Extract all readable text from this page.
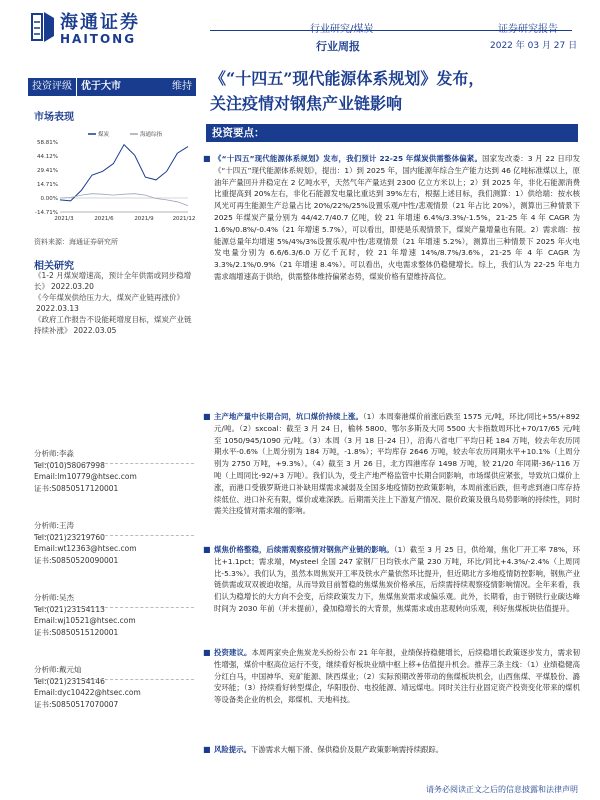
海通证券
HAITONG
行业周报	2022 年 03 月 27 日
投资评级 优于大市	维持
市场表现
58.81%
44.12%
29.41%
14.71%
0.00%
-14.71%
2021/3	2021/6	2021/9	2021/12
煤炭	海通综指
资料来源：海通证券研究所
相关研究
《1-2 月煤炭增速高，预计全年供需或同步稳增长》 2022.03.20
《今年煤炭供给压力大，煤炭产业链再涨价》2022.03.13
《政府工作报告不设能耗增度目标，煤炭产业链持续补涨》 2022.03.05
分析师:李淼
Tel:(010)58067998
Email:lm10779@htsec.com
证书:S0850517120001
分析师:王涛
Tel:(021)23219760
Email:wt12363@htsec.com
证书:S0850520090001
分析师:吴杰
Tel:(021)23154113
Email:wj10521@htsec.com
证书:S0850515120001
分析师:戴元灿
Tel:(021)23154146
Email:dyc10422@htsec.com
证书:S0850517070007
《“十四五”现代能源体系规划》发布，
关注疫情对钢焦产业链影响
投资要点：
■ 《“十四五”现代能源体系规划》发布，我们预计 22-25 年煤炭供需整体偏紧。国家发改委：3 月 22 日印发《“十四五”现代能源体系规划》，提出：1）到 2025 年，国内能源年综合生产能力达到 46 亿吨标准煤以上，原油年产量回升并稳定在 2 亿吨水平，天然气年产量达到 2300 亿立方米以上；2）到 2025 年，非化石能源消费比重提高到 20%左右，非化石能源发电量比重达到 39%左右，根据上述目标，我们测算：1）供给端：按水核风光可再生能源生产总量占比 20%/22%/25%设置乐观/中性/悲观情景（21 年占比 20%），测算出三种情景下 2025 年煤炭产量分别为 44/42.7/40.7 亿吨，较 21 年增速 6.4%/3.3%/-1.5%，21-25 年 4 年 CAGR 为 1.6%/0.8%/-0.4%（21 年增速 5.7%），可以看出，即使是乐观情景下，煤炭产量增量也有限。2）需求端：按能源总量年均增速 5%/4%/3%设置乐观/中性/悲观情景（21 年增速 5.2%），测算出三种情景下 2025 年火电发电量分别为 6.6/6.3/6.0 万亿千瓦时，较 21 年增速 14%/8.7%/3.6%，21-25 年 4 年 CAGR 为 3.3%/2.1%/0.9%（21 年增速 8.4%）。可以看出，火电需求整体仍稳健增长。综上，我们认为 22-25 年电力需求端增速高于供给，供需整体维持偏紧态势，煤炭价格有望维持高位。
■ 主产地产量中长期合同，坑口煤价持续上涨。（1）本周秦港煤价前涨后跌至 1575 元/吨，环比/同比+55/+892 元/吨。（2）sxcoal：截至 3 月 24 日，榆林 5800、鄂尔多斯及大同 5500 大卡指数周环比+70/17/65 元/吨至 1050/945/1090 元/吨。（3）本周（3 月 18 日-24 日），沿海八省电厂平均日耗 184 万吨，较去年农历同期水平-0.6%（上周分别为 184 万吨，-1.8%）；平均库存 2646 万吨，较去年农历同期水平+10.1%（上周分别为 2750 万吨，+9.3%）。（4）截至 3 月 26 日，北方四港库存 1498 万吨，较 21/20 年同期-36/-116 万吨（上周同比-92/+3 万吨）。我们认为，受主产地严格监管中长期合同影响，市场煤供应紧张，导致坑口煤价上涨，而港口受俄罗斯进口补缺用煤需求减弱及全国多地疫情防控政策影响，本周前涨后跌，但考虑到港口库存持续低位、进口补充有限，煤价或难深跌。后期需关注上下游复产情况、限价政策及俄乌局势影响的持续性，同时需关注疫情对需求端的影响。
■ 煤焦价格整稳，后续需观察疫情对钢焦产业链的影响。（1）截至 3 月 25 日，供给端，焦化厂开工率 78%，环比+1.1pct；需求端，Mysteel 全国 247 家钢厂日均铁水产量 230 万吨，环比/同比+4.3%/-2.4%（上周同比-5.3%）。我们认为，虽然本周焦炭开工率及铁水产量依然环比提升，但近期北方多地疫情防控影响，钢焦产业链供需或双双被迫收缩，从而导致目前暂稳的焦煤焦炭价格承压，后续需持续观察疫情影响情况。全年来看，我们认为稳增长的大方向不会变，后续政策发力下，焦煤焦炭需求或偏乐观。此外，长期看，由于钢铁行业碳达峰时间为 2030 年前（并未提前），叠加稳增长的大背景，焦煤需求或由悲观转向乐观，利好焦煤板块估值提升。
■ 投资建议。本周两家央企焦炭龙头纷纷公布 21 年年报，业绩保持稳健增长，后续稳增长政策逐步发力，需求韧性增强，煤价中枢高位运行不变，继续看好板块业绩中枢上移+估值提升机会。推荐三条主线：（1）业绩稳健高分红白马，中国神华、兖矿能源、陕西煤业；（2）实际预期改善带动的焦煤板块机会，山西焦煤、平煤股份、潞安环能；（3）持续看好转型煤企，华阳股份、电投能源、靖远煤电。同时关注行业固定资产投资变化带来的煤机等设备类企业的机会，郑煤机、天地科技。
■ 风险提示。下游需求大幅下滑、保供稳价及限产政策影响需持续跟踪。
请务必阅读正文之后的信息披露和法律声明
